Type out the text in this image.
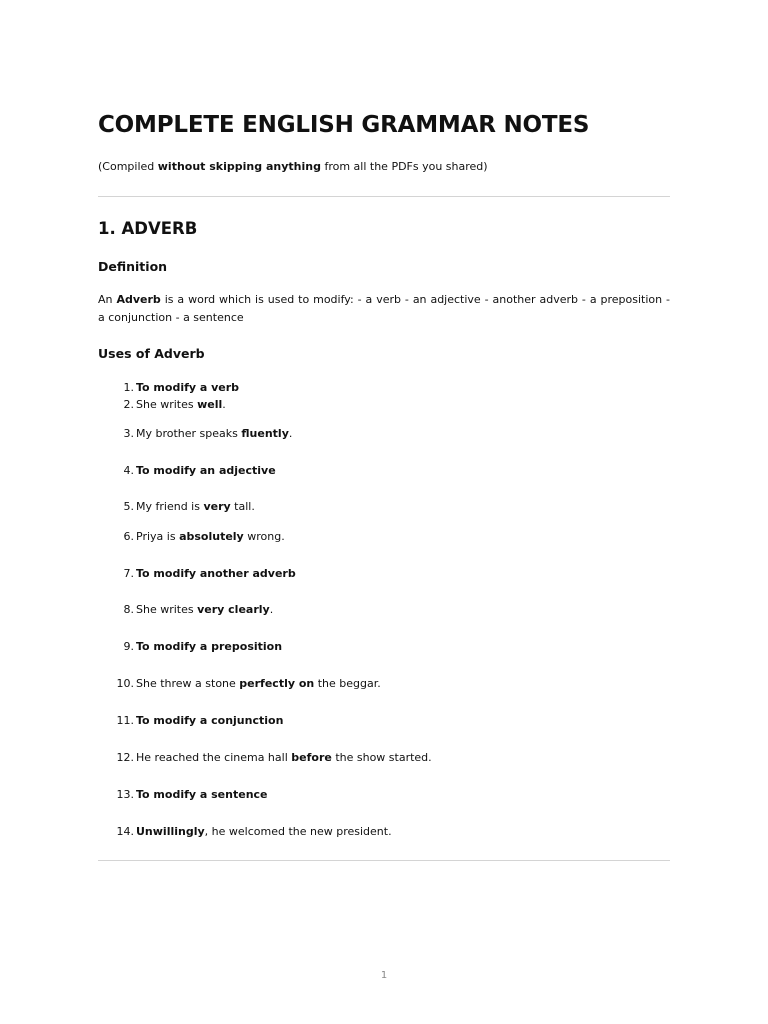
COMPLETE ENGLISH GRAMMAR NOTES

(Compiled without skipping anything from all the PDFs you shared)

1. ADVERB
Definition

An Adverb is a word which is used to modify: - a verb - an adjective - another adverb - a preposition - a conjunction - a sentence

Uses of Adverb
1. To modify a verb
2. She writes well.
3. My brother speaks fluently.
4. To modify an adjective
5. My friend is very tall.
6. Priya is absolutely wrong.
7. To modify another adverb
8. She writes very clearly.
9. To modify a preposition
10. She threw a stone perfectly on the beggar.
11. To modify a conjunction
12. He reached the cinema hall before the show started.
13. To modify a sentence
14. Unwillingly, he welcomed the new president.
1
